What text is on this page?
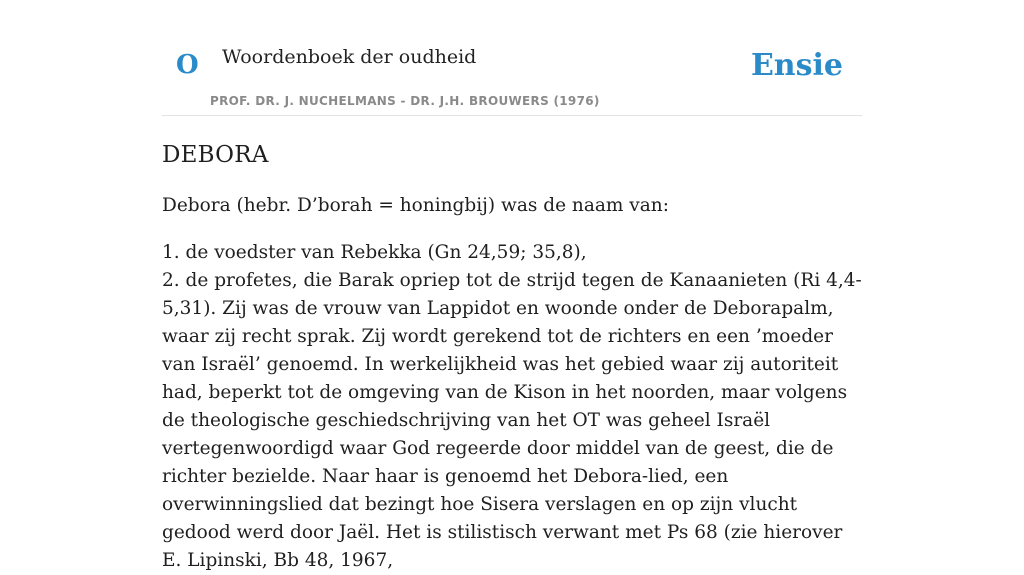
O Woordenboek der oudheid
PROF. DR. J. NUCHELMANS - DR. J.H. BROUWERS (1976)
Ensie
DEBORA

Debora (hebr. D’borah = honingbij) was de naam van:

1. de voedster van Rebekka (Gn 24,59; 35,8),

2. de profetes, die Barak opriep tot de strijd tegen de Kanaanieten (Ri 4,4-5,31). Zij was de vrouw van Lappidot en woonde onder de Deborapalm, waar zij recht sprak. Zij wordt gerekend tot de richters en een ’moeder van Israël’ genoemd. In werkelijkheid was het gebied waar zij autoriteit had, beperkt tot de omgeving van de Kison in het noorden, maar volgens de theologische geschiedschrijving van het OT was geheel Israël vertegenwoordigd waar God regeerde door middel van de geest, die de richter bezielde. Naar haar is genoemd het Debora-lied, een overwinningslied dat bezingt hoe Sisera verslagen en op zijn vlucht gedood werd door Jaël. Het is stilistisch verwant met Ps 68 (zie hierover E. Lipinski, Bb 48, 1967,
